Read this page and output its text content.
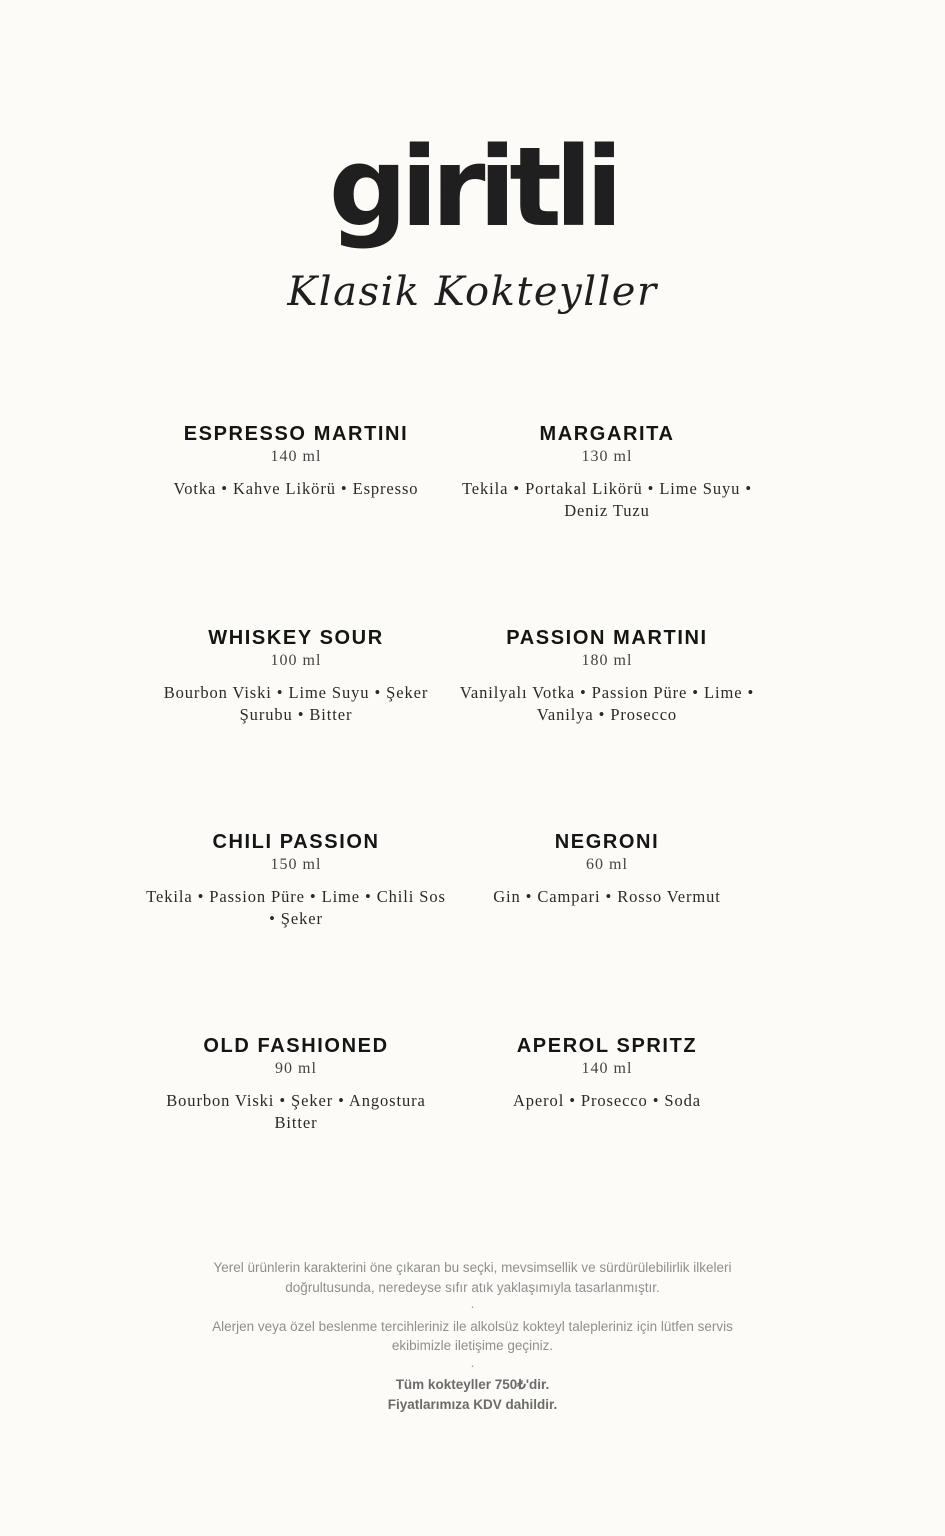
giritli
Klasik Kokteyller
ESPRESSO MARTINI
140 ml
Votka • Kahve Likörü • Espresso
MARGARITA
130 ml
Tekila • Portakal Likörü • Lime Suyu • Deniz Tuzu
WHISKEY SOUR
100 ml
Bourbon Viski • Lime Suyu • Şeker Şurubu • Bitter
PASSION MARTINI
180 ml
Vanilyalı Votka • Passion Püre • Lime • Vanilya • Prosecco
CHILI PASSION
150 ml
Tekila • Passion Püre • Lime • Chili Sos • Şeker
NEGRONI
60 ml
Gin • Campari • Rosso Vermut
OLD FASHIONED
90 ml
Bourbon Viski • Şeker • Angostura Bitter
APEROL SPRITZ
140 ml
Aperol • Prosecco • Soda
Yerel ürünlerin karakterini öne çıkaran bu seçki, mevsimsellik ve sürdürülebilirlik ilkeleri doğrultusunda, neredeyse sıfır atık yaklaşımıyla tasarlanmıştır.
·
Alerjen veya özel beslenme tercihleriniz ile alkolsüz kokteyl talepleriniz için lütfen servis ekibimizle iletişime geçiniz.
·
Tüm kokteyller 750₺'dir.
Fiyatlarımıza KDV dahildir.
